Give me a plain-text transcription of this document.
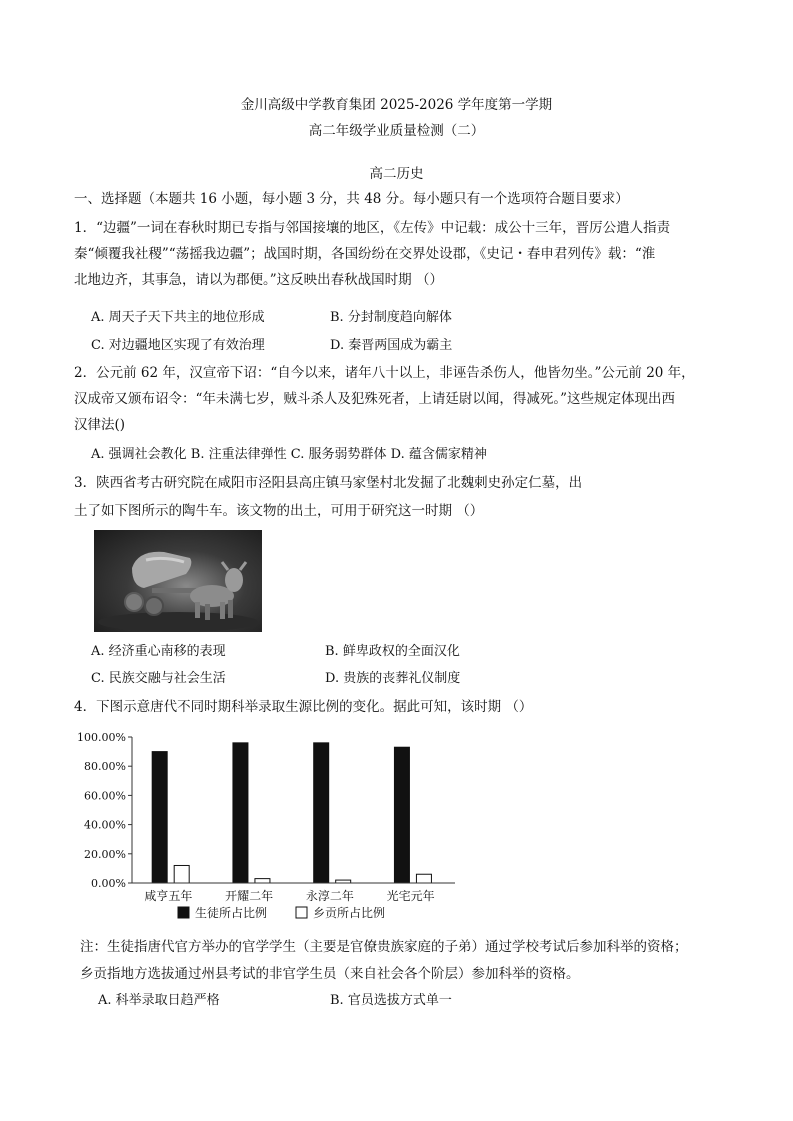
金川高级中学教育集团 2025-2026 学年度第一学期
高二年级学业质量检测（二）
高二历史
一、选择题（本题共 16 小题，每小题 3 分，共 48 分。每小题只有一个选项符合题目要求）
1．“边疆”一词在春秋时期已专指与邻国接壤的地区，《左传》中记载：成公十三年，晋厉公遣人指责
秦“倾覆我社稷”“荡摇我边疆”；战国时期，各国纷纷在交界处设郡，《史记・春申君列传》载：“淮
北地边齐，其事急，请以为郡便。”这反映出春秋战国时期 （）
A. 周天子天下共主的地位形成	B. 分封制度趋向解体
C. 对边疆地区实现了有效治理	D. 秦晋两国成为霸主
2．公元前 62 年，汉宣帝下诏：“自今以来，诸年八十以上，非诬告杀伤人，他皆勿坐。”公元前 20 年，
汉成帝又颁布诏令：“年未满七岁，贼斗杀人及犯殊死者，上请廷尉以闻，得减死。”这些规定体现出西
汉律法()
A. 强调社会教化 B. 注重法律弹性 C. 服务弱势群体 D. 蕴含儒家精神
3．陕西省考古研究院在咸阳市泾阳县高庄镇马家堡村北发掘了北魏刺史孙定仁墓，出
土了如下图所示的陶牛车。该文物的出土，可用于研究这一时期 （）
A. 经济重心南移的表现	B. 鲜卑政权的全面汉化
C. 民族交融与社会生活	D. 贵族的丧葬礼仪制度
4．下图示意唐代不同时期科举录取生源比例的变化。据此可知，该时期 （）
100.00%
80.00%
60.00%
40.00%
20.00%
0.00%
咸亨五年	开耀二年	永淳二年	光宅元年
生徒所占比例	乡贡所占比例
注：生徒指唐代官方举办的官学学生（主要是官僚贵族家庭的子弟）通过学校考试后参加科举的资格；
乡贡指地方选拔通过州县考试的非官学生员（来自社会各个阶层）参加科举的资格。
A. 科举录取日趋严格	B. 官员选拔方式单一
